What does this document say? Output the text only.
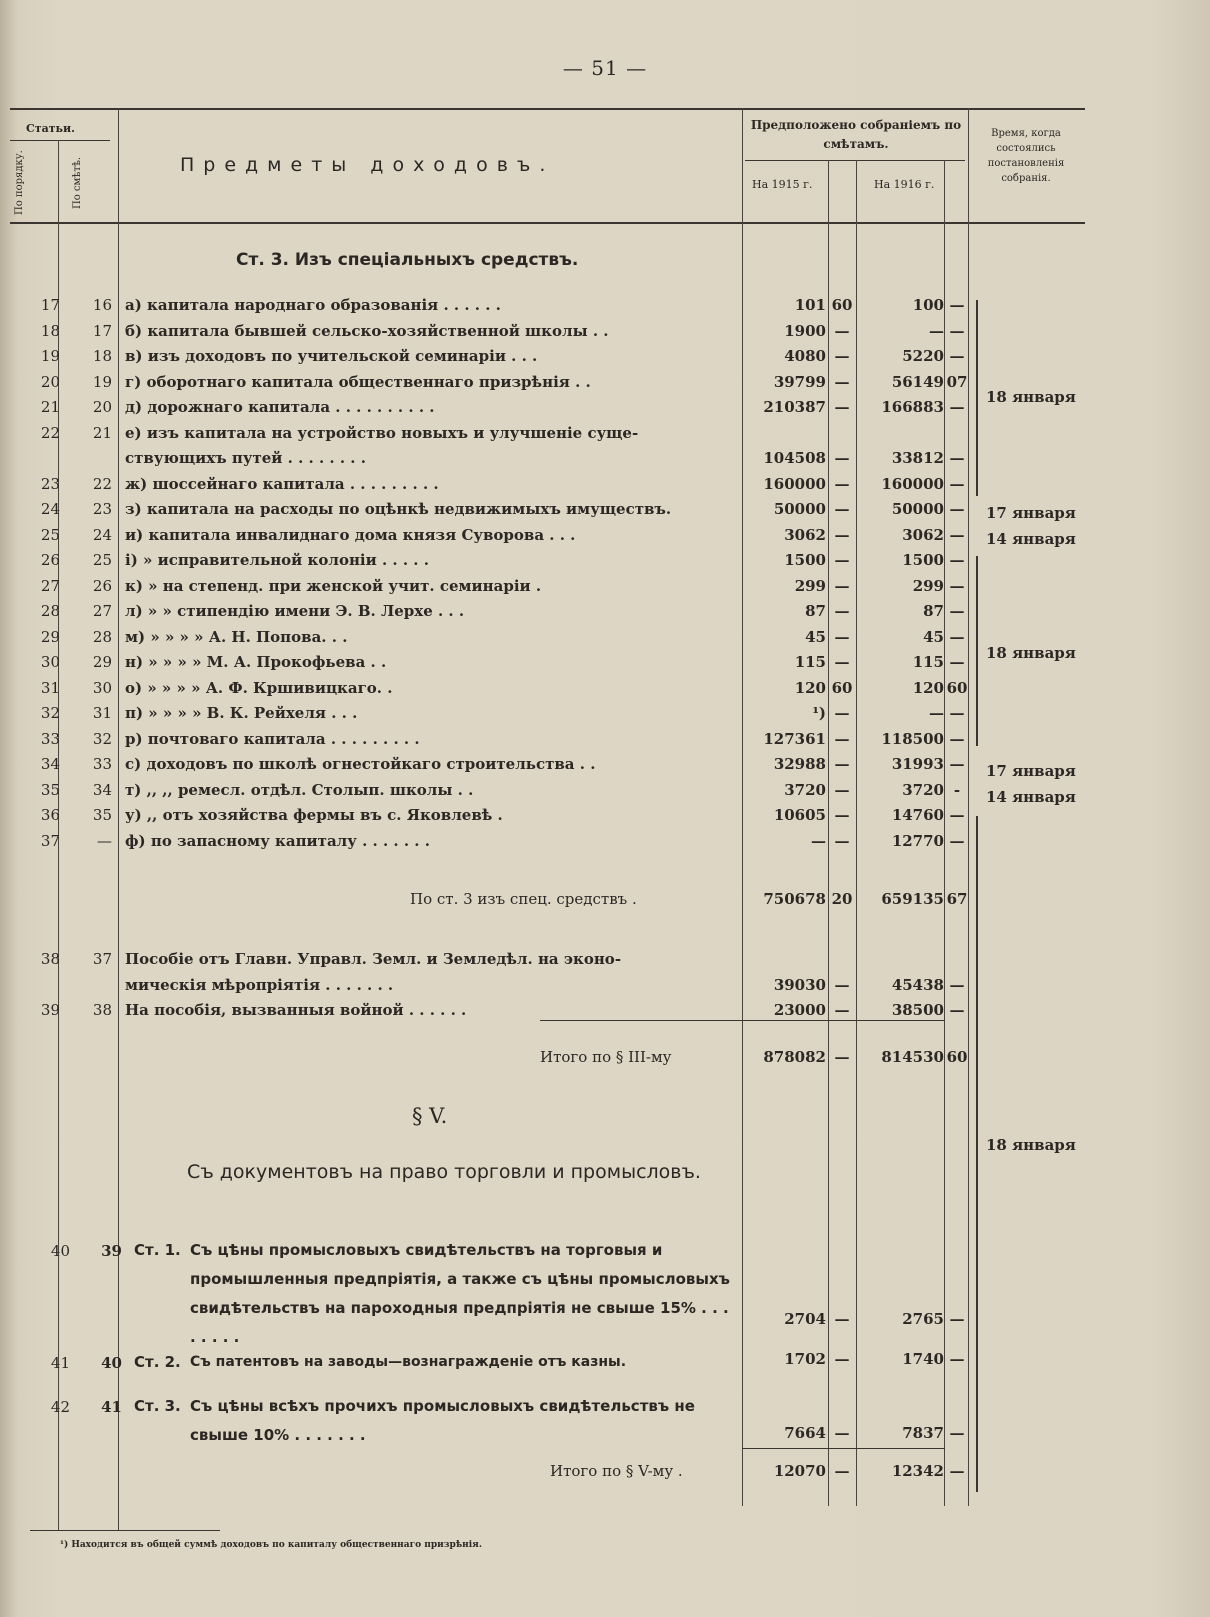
— 51 —
Статьи.
По порядку.	По смѣтѣ.	Предметы доходовъ.
Предположено собраніемъ по смѣтамъ.
На 1915 г.	На 1916 г.
Время, когда состоялись постановленія собранія.
Ст. 3. Изъ спеціальныхъ средствъ.
17	16 а) капитала народнаго образованія . . . . . .	101 60	100 —
18	17 б) капитала бывшей сельско-хозяйственной школы . .	1900 —	— —
19	18 в) изъ доходовъ по учительской семинаріи . . .	4080 —	5220 —
20	19 г) оборотнаго капитала общественнаго призрѣнія . .	39799 —	56149 07
21	20 д) дорожнаго капитала . . . . . . . . . .	210387 —	166883 —
22	21 е) изъ капитала на устройство новыхъ и улучшеніе суще-
ствующихъ путей . . . . . . . .	104508 —	33812 —
23	22 ж) шоссейнаго капитала . . . . . . . . .	160000 —	160000 —
24	23 з) капитала на расходы по оцѣнкѣ недвижимыхъ имуществъ.	50000 —	50000 —
25	24 и) капитала инвалиднаго дома князя Суворова . . .	3062 —	3062 —
26	25 і) » исправительной колоніи . . . . .	1500 —	1500 —
27	26 к) » на степенд. при женской учит. семинаріи .	299 —	299 —
28	27 л) » » стипендію имени Э. В. Лерхе . . .	87 —	87 —
29	28 м) » » » » А. Н. Попова. . .	45 —	45 —
30	29 н) » » » » М. А. Прокофьева . .	115 —	115 —
31	30 о) » » » » А. Ф. Кршивицкаго. .	120 60	120 60
32	31 п) » » » » В. К. Рейхеля . . .	¹) —	— —
33	32 р) почтоваго капитала . . . . . . . . .	127361 —	118500 —
34	33 с) доходовъ по школѣ огнестойкаго строительства . .	32988 —	31993 —
35	34 т) ,, ,, ремесл. отдѣл. Столып. школы . .	3720 —	3720 -
36	35 у) ,, отъ хозяйства фермы въ с. Яковлевѣ .	10605 —	14760 —
37	— ф) по запасному капиталу . . . . . . .	— —	12770 —
По ст. 3 изъ спец. средствъ .	750678 20	659135 67
38	37 Пособіе отъ Главн. Управл. Земл. и Земледѣл. на эконо-
мическія мѣропріятія . . . . . . .	39030 —	45438 —
39	38 На пособія, вызванныя войной . . . . . .	23000 —	38500 —
Итого по § III-му	878082 —	814530 60
§ V.
Съ документовъ на право торговли и промысловъ.
40	39 Ст. 1. Съ цѣны промысловыхъ свидѣтельствъ на торговыя и промышленныя предпріятія, а также съ цѣны промысловыхъ свидѣтельствъ на пароходныя предпріятія не свыше 15% . . . . . . . .
2704 —	2765 —
41	40 Ст. 2. Съ патентовъ на заводы—вознагражденіе отъ казны.	1702 —	1740 —
42	41 Ст. 3. Съ цѣны всѣхъ прочихъ промысловыхъ свидѣтельствъ не свыше 10% . . . . . . .	7664 —	7837 —
Итого по § V-му .	12070 —	12342 —
18 января
17 января
14 января
18 января
17 января
14 января
18 января
¹) Находится въ общей суммѣ доходовъ по капиталу общественнаго призрѣнія.
